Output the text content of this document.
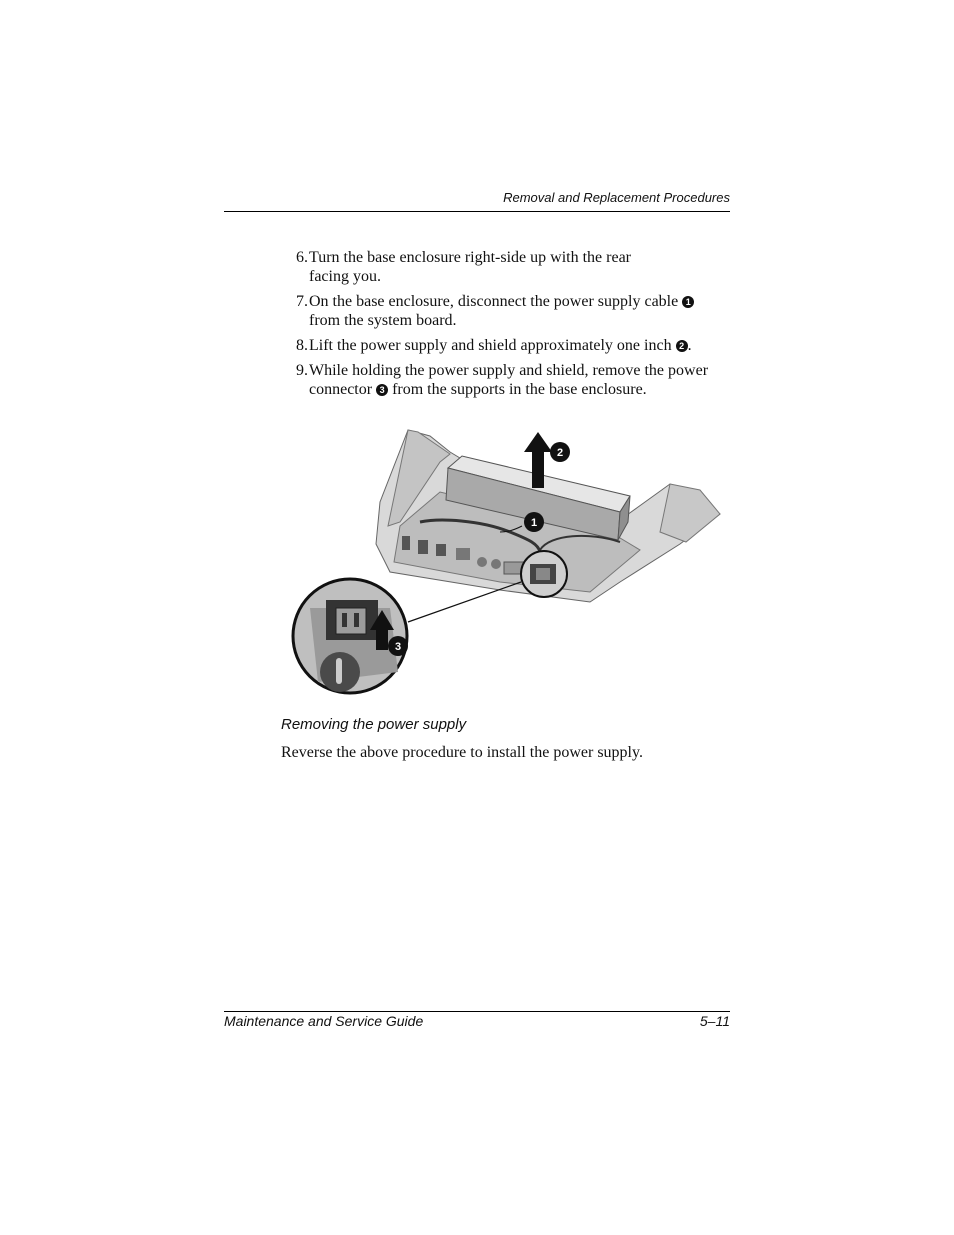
Removal and Replacement Procedures
6. Turn the base enclosure right-side up with the rear
facing you.
7. On the base enclosure, disconnect the power supply cable 1
from the system board.
8. Lift the power supply and shield approximately one inch 2 .
9. While holding the power supply and shield, remove the power connector 3 from the supports in the base enclosure.
2
1
3
Removing the power supply
Reverse the above procedure to install the power supply.
Maintenance and Service Guide	5–11
